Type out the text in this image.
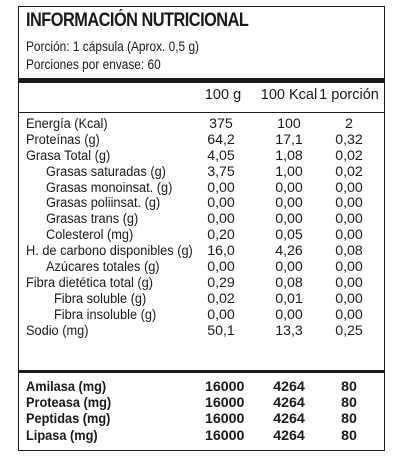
INFORMACIÓN NUTRICIONAL
Porción: 1 cápsula (Aprox. 0,5 g)
Porciones por envase: 60
100 g	100 Kcal 1 porción
Energía (Kcal)	375	100	2
Proteínas (g)	64,2	17,1	0,32
Grasa Total (g)	4,05	1,08	0,02
Grasas saturadas (g)	3,75	1,00	0,02
Grasas monoinsat. (g) 0,00	0,00	0,00
Grasas poliinsat. (g)	0,00	0,00	0,00
Grasas trans (g)	0,00	0,00	0,00
Colesterol (mg)	0,20	0,05	0,00
H. de carbono disponibles (g) 16,0	4,26	0,08
Azúcares totales (g)	0,00	0,00	0,00
Fibra dietética total (g)	0,29	0,08	0,00
Fibra soluble (g)	0,02	0,01	0,00
Fibra insoluble (g)	0,00	0,00	0,00
Sodio (mg)	50,1	13,3	0,25
Amilasa (mg)	16000	4264	80
Proteasa (mg)	16000	4264	80
Peptidas (mg)	16000	4264	80
Lipasa (mg)	16000	4264	80
